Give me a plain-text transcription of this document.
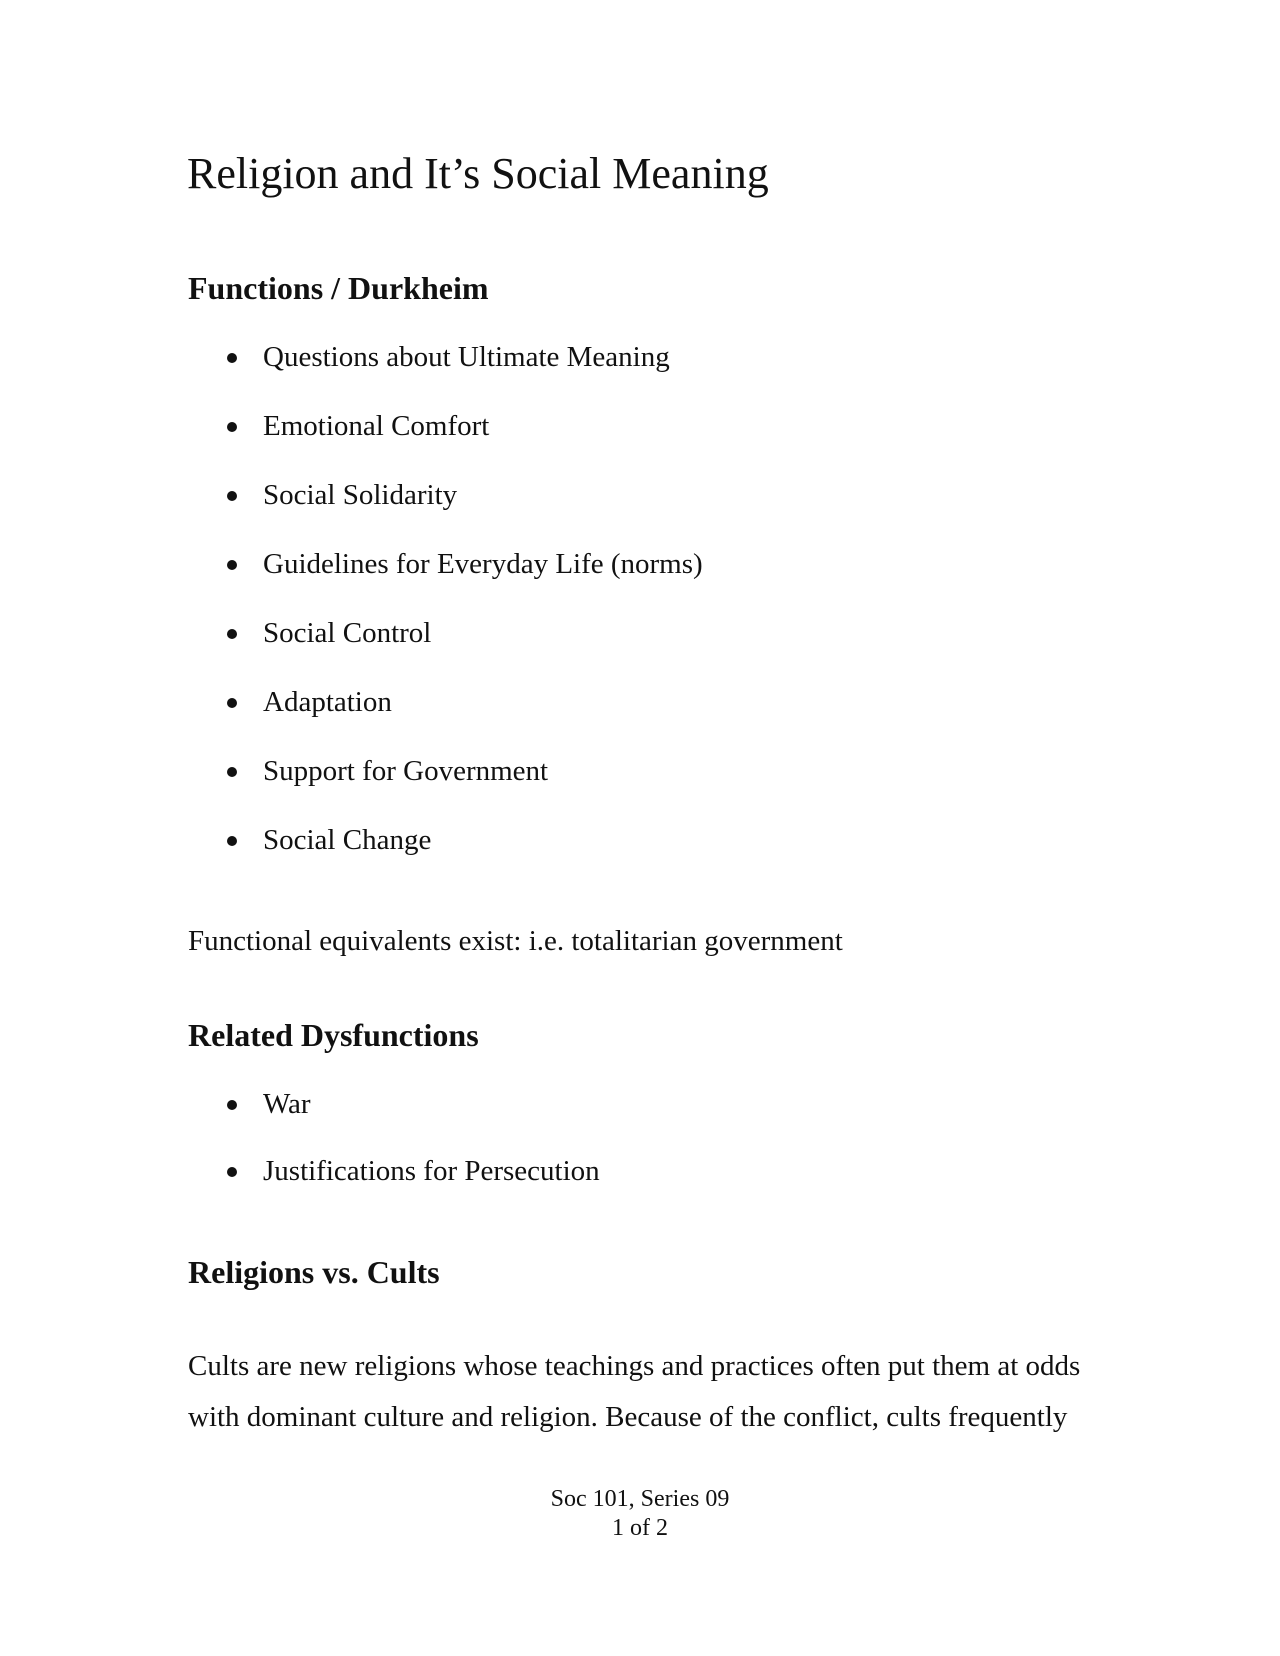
Religion and It’s Social Meaning
Functions / Durkheim
Questions about Ultimate Meaning
Emotional Comfort
Social Solidarity
Guidelines for Everyday Life (norms)
Social Control
Adaptation
Support for Government
Social Change

Functional equivalents exist: i.e. totalitarian government

Related Dysfunctions
War
Justifications for Persecution
Religions vs. Cults

Cults are new religions whose teachings and practices often put them at odds

with dominant culture and religion. Because of the conflict, cults frequently

Soc 101, Series 09
1 of 2
